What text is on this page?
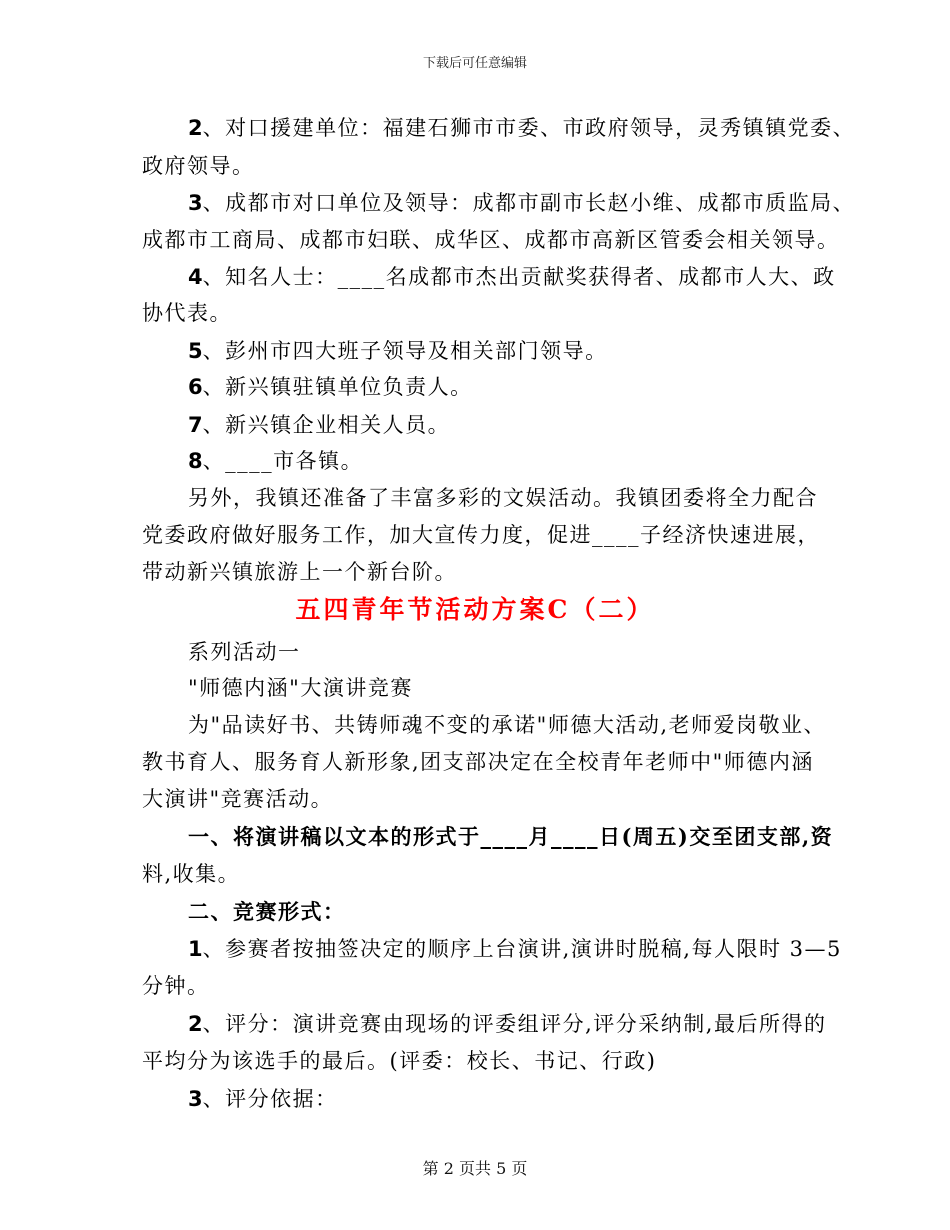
下载后可任意编辑
2、对口援建单位：福建石狮市市委、市政府领导，灵秀镇镇党委、
政府领导。
3、成都市对口单位及领导：成都市副市长赵小维、成都市质监局、
成都市工商局、成都市妇联、成华区、成都市高新区管委会相关领导。
4、知名人士：____名成都市杰出贡献奖获得者、成都市人大、政
协代表。
5、彭州市四大班子领导及相关部门领导。
6、新兴镇驻镇单位负责人。
7、新兴镇企业相关人员。
8、____市各镇。
另外，我镇还准备了丰富多彩的文娱活动。我镇团委将全力配合
党委政府做好服务工作，加大宣传力度，促进____子经济快速进展，
带动新兴镇旅游上一个新台阶。
五四青年节活动方案C（二）
系列活动一
"师德内涵"大演讲竞赛
为"品读好书、共铸师魂不变的承诺"师德大活动,老师爱岗敬业、
教书育人、服务育人新形象,团支部决定在全校青年老师中"师德内涵
大演讲"竞赛活动。
一、将演讲稿以文本的形式于____月____日(周五)交至团支部,资
料,收集。
二、竞赛形式：
1、参赛者按抽签决定的顺序上台演讲,演讲时脱稿,每人限时 3—5
分钟。
2、评分：演讲竞赛由现场的评委组评分,评分采纳制,最后所得的
平均分为该选手的最后。(评委：校长、书记、行政)
3、评分依据：
第 2 页共 5 页
